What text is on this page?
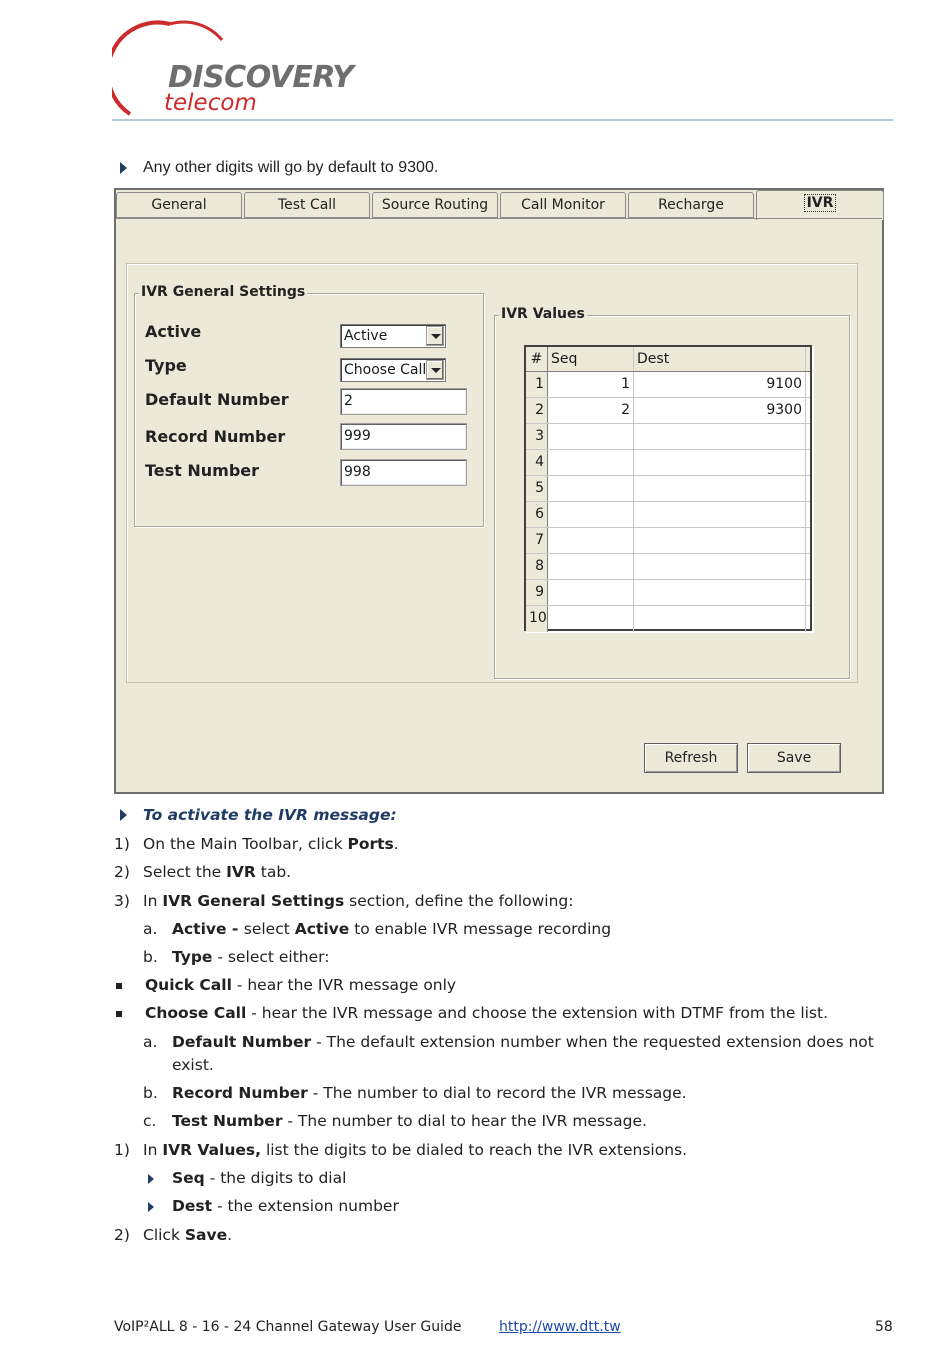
DISCOVERY
telecom
Any other digits will go by default to 9300.
General	Test Call	Source Routing	Call Monitor	Recharge	IVR
IVR General Settings
Active	Active
Type	Choose Call
Default Number	2
Record Number	999
Test Number	998
IVR Values
# Seq	Dest
1	1	9100
2	2	9300
3
4
5
6
7
8
9
10
Refresh	Save
To activate the IVR message:
1) On the Main Toolbar, click Ports.
2) Select the IVR tab.
3) In IVR General Settings section, define the following:
a. Active - select Active to enable IVR message recording
b. Type - select either:
Quick Call - hear the IVR message only
Choose Call - hear the IVR message and choose the extension with DTMF from the list.
a. Default Number - The default extension number when the requested extension does not
exist.
b. Record Number - The number to dial to record the IVR message.
c. Test Number - The number to dial to hear the IVR message.
1) In IVR Values, list the digits to be dialed to reach the IVR extensions.
Seq - the digits to dial
Dest - the extension number
2) Click Save.
VoIP²ALL 8 - 16 - 24 Channel Gateway User Guide	http://www.dtt.tw	58
